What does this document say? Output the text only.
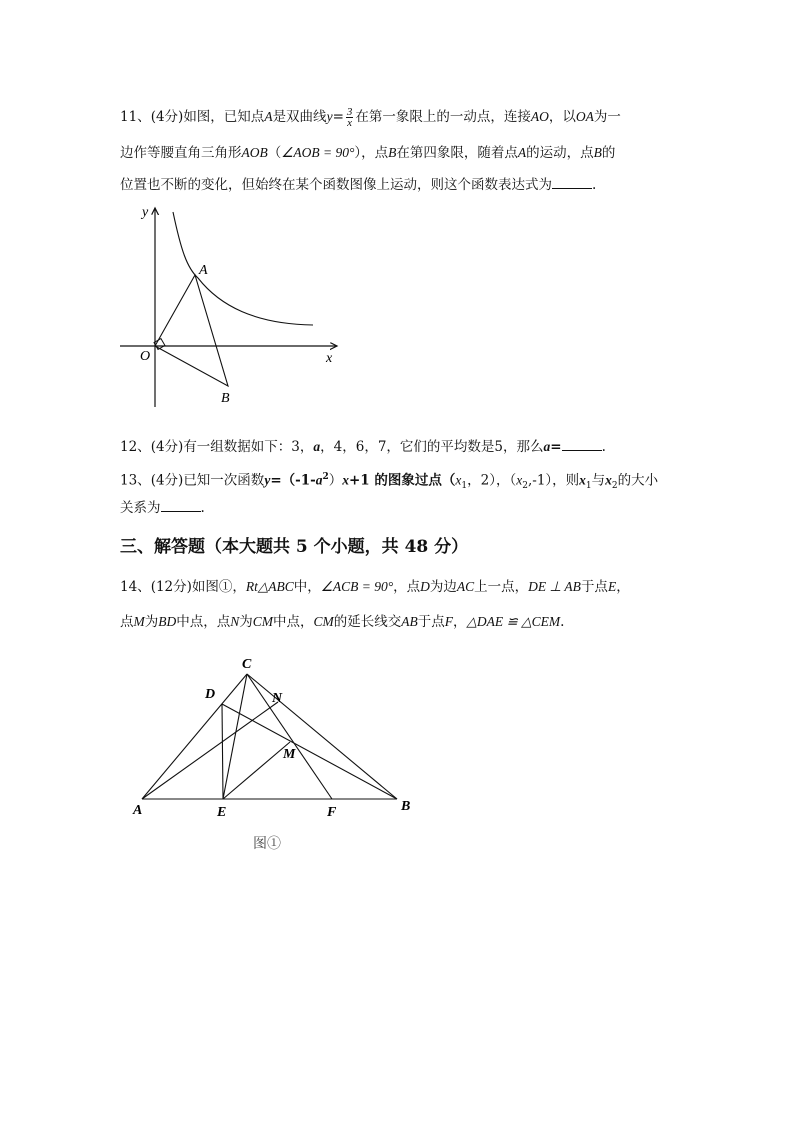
11、(4分)如图，已知点A是双曲线$y= \frac{3}{x}$ 在第一象限上的一动点，连接AO，以OA为一
边作等腰直角三角形AOB（∠AOB = 90°），点B在第四象限，随着点A的运动，点B的
位置也不断的变化，但始终在某个函数图像上运动，则这个函数表达式为	.
y
x
O
A
B
12、(4分)有一组数据如下：3，a，4，6，7，它们的平均数是5，那么a=	.
13、(4分)已知一次函数$y=(-1-a^2)x+1$ 的图象过点（$x_1$，2），$(x_2,-1)$，则$x_1$与$x_2$的大小
关系为	.
三、解答题（本大题共 5 个小题，共 48 分）
14、(12分)如图①，Rt△ABC中，∠ACB = 90°，点D为边AC上一点，DE ⊥ AB于点E，
点M为BD中点，点N为CM中点，CM的延长线交AB于点F，△DAE ≌ △CEM.
C
D	N
M
A	E	F	B
图①
